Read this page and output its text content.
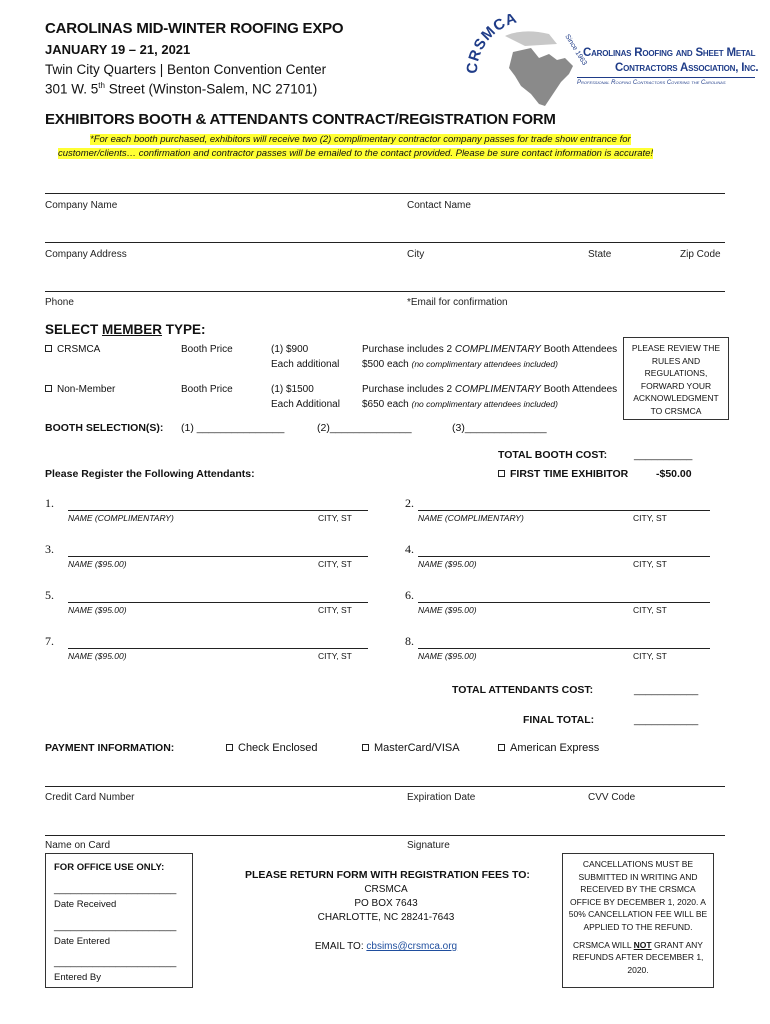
CAROLINAS MID-WINTER ROOFING EXPO
JANUARY 19 – 21, 2021
Twin City Quarters | Benton Convention Center
301 W. 5th Street (Winston-Salem, NC 27101)
CRSMCA
Since 1963
Carolinas Roofing and Sheet Metal
Contractors Association, Inc.
Professional Roofing Contractors Covering the Carolinas
EXHIBITORS BOOTH & ATTENDANTS CONTRACT/REGISTRATION FORM
*For each booth purchased, exhibitors will receive two (2) complimentary contractor company passes for trade show entrance for
customer/clients… confirmation and contractor passes will be emailed to the contact provided. Please be sure contact information is accurate!
Company Name	Contact Name
Company Address	City	State	Zip Code
Phone	*Email for confirmation
SELECT MEMBER TYPE:
CRSMCA	Booth Price	(1) $900
Each additional
Purchase includes 2 COMPLIMENTARY Booth Attendees
$500 each (no complimentary attendees included)
Non-Member	Booth Price	(1) $1500
Each Additional
Purchase includes 2 COMPLIMENTARY Booth Attendees
$650 each (no complimentary attendees included)
PLEASE REVIEW THE RULES AND REGULATIONS, FORWARD YOUR ACKNOWLEDGMENT TO CRSMCA
BOOTH SELECTION(S): (1) _______________	(2)______________	(3)______________
TOTAL BOOTH COST:	__________
Please Register the Following Attendants:	FIRST TIME EXHIBITOR	-$50.00
1.
NAME (COMPLIMENTARY)	CITY, ST
2.
NAME (COMPLIMENTARY)	CITY, ST
3.
NAME ($95.00)	CITY, ST
4.
NAME ($95.00)	CITY, ST
5.
NAME ($95.00)	CITY, ST
6.
NAME ($95.00)	CITY, ST
7.
NAME ($95.00)	CITY, ST
8.
NAME ($95.00)	CITY, ST
TOTAL ATTENDANTS COST:	___________
FINAL TOTAL:	___________
PAYMENT INFORMATION:	Check Enclosed	MasterCard/VISA	American Express
Credit Card Number	Expiration Date	CVV Code
Name on Card	Signature
FOR OFFICE USE ONLY:
______________________
Date Received
______________________
Date Entered
______________________
Entered By
PLEASE RETURN FORM WITH REGISTRATION FEES TO:
CRSMCA
PO BOX 7643
CHARLOTTE, NC 28241-7643
EMAIL TO: cbsims@crsmca.org
CANCELLATIONS MUST BE SUBMITTED IN WRITING AND RECEIVED BY THE CRSMCA OFFICE BY DECEMBER 1, 2020. A 50% CANCELLATION FEE WILL BE APPLIED TO THE REFUND.
CRSMCA WILL NOT GRANT ANY REFUNDS AFTER DECEMBER 1, 2020.
